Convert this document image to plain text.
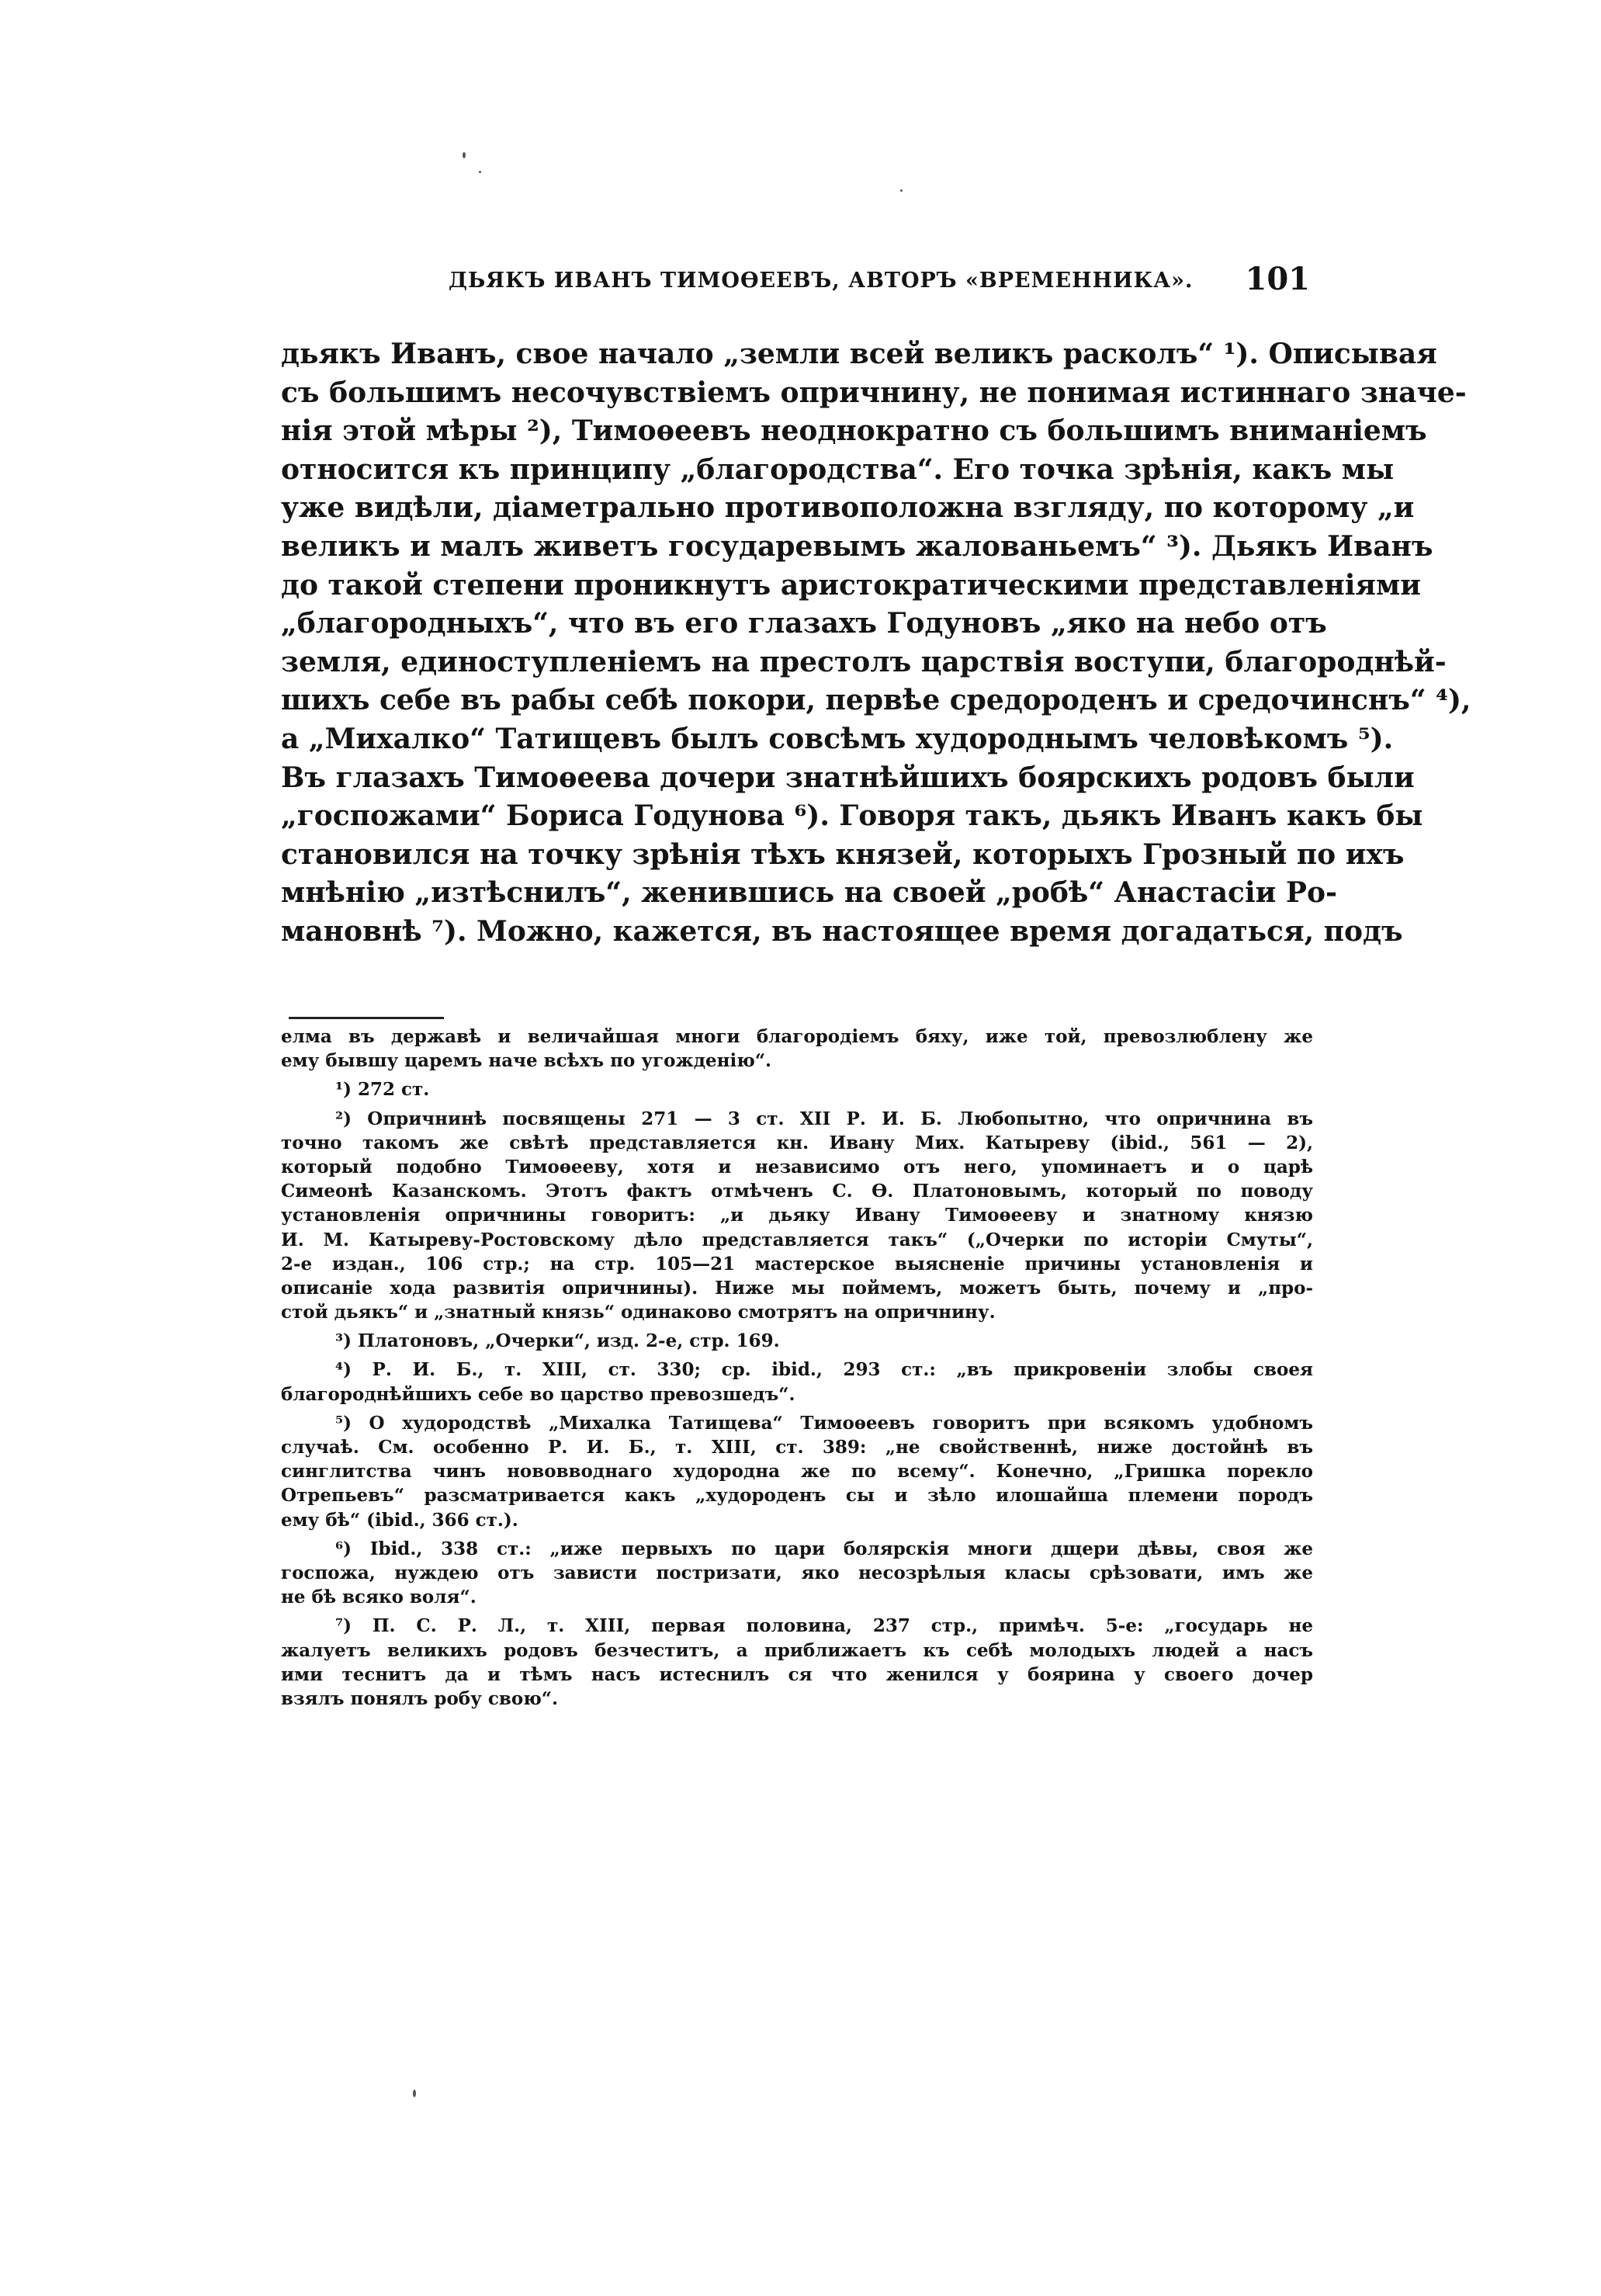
ДЬЯКЪ ИВАНЪ ТИМОѲЕЕВЪ, АВТОРЪ «ВРЕМЕННИКА». 101
дьякъ Иванъ, свое начало „земли всей великъ расколъ“ ¹). Описывая
съ большимъ несочувствіемъ опричнину, не понимая истиннаго значе-
нія этой мѣры ²), Тимоѳеевъ неоднократно съ большимъ вниманіемъ
относится къ принципу „благородства“. Его точка зрѣнія, какъ мы
уже видѣли, діаметрально противоположна взгляду, по которому „и
великъ и малъ живетъ государевымъ жалованьемъ“ ³). Дьякъ Иванъ
до такой степени проникнутъ аристократическими представленіями
„благородныхъ“, что въ его глазахъ Годуновъ „яко на небо отъ
земля, единоступленіемъ на престолъ царствія воступи, благороднѣй-
шихъ себе въ рабы себѣ покори, первѣе средороденъ и средочинснъ“ ⁴),
а „Михалко“ Татищевъ былъ совсѣмъ худороднымъ человѣкомъ ⁵).
Въ глазахъ Тимоѳеева дочери знатнѣйшихъ боярскихъ родовъ были
„госпожами“ Бориса Годунова ⁶). Говоря такъ, дьякъ Иванъ какъ бы
становился на точку зрѣнія тѣхъ князей, которыхъ Грозный по ихъ
мнѣнію „изтѣснилъ“, женившись на своей „робѣ“ Анастасіи Ро-
мановнѣ ⁷). Можно, кажется, въ настоящее время догадаться, подъ
елма въ державѣ и величайшая многи благородіемъ бяху, иже той, превозлюблену же
ему бывшу царемъ наче всѣхъ по угожденію“.
¹) 272 ст.
²) Опричнинѣ посвящены 271 — 3 ст. XII Р. И. Б. Любопытно, что опричнина въ
точно такомъ же свѣтѣ представляется кн. Ивану Мих. Катыреву (ibid., 561 — 2),
который подобно Тимоѳееву, хотя и независимо отъ него, упоминаетъ и о царѣ
Симеонѣ Казанскомъ. Этотъ фактъ отмѣченъ С. Ѳ. Платоновымъ, который по поводу
установленія опричнины говоритъ: „и дьяку Ивану Тимоѳееву и знатному князю
И. М. Катыреву-Ростовскому дѣло представляется такъ“ („Очерки по исторіи Смуты“,
2-е издан., 106 стр.; на стр. 105—21 мастерское выясненіе причины установленія и
описаніе хода развитія опричнины). Ниже мы поймемъ, можетъ быть, почему и „про-
стой дьякъ“ и „знатный князь“ одинаково смотрятъ на опричнину.
³) Платоновъ, „Очерки“, изд. 2-е, стр. 169.
⁴) Р. И. Б., т. XIII, ст. 330; ср. ibid., 293 ст.: „въ прикровеніи злобы своея
благороднѣйшихъ себе во царство превозшедъ“.
⁵) О худородствѣ „Михалка Татищева“ Тимоѳеевъ говоритъ при всякомъ удобномъ
случаѣ. См. особенно Р. И. Б., т. XIII, ст. 389: „не свойственнѣ, ниже достойнѣ въ
синглитства чинъ нововводнаго худородна же по всему“. Конечно, „Гришка порекло
Отрепьевъ“ разсматривается какъ „худороденъ сы и зѣло илошайша племени породъ
ему бѣ“ (ibid., 366 ст.).
⁶) Ibid., 338 ст.: „иже первыхъ по цари болярскія многи дщери дѣвы, своя же
госпожа, нуждею отъ зависти постризати, яко несозрѣлыя класы срѣзовати, имъ же
не бѣ всяко воля“.
⁷) П. С. Р. Л., т. XIII, первая половина, 237 стр., примѣч. 5-е: „государь не
жалуетъ великихъ родовъ безчеститъ, а приближаетъ къ себѣ молодыхъ людей а насъ
ими теснитъ да и тѣмъ насъ истеснилъ ся что женился у боярина у своего дочер
взялъ понялъ робу свою“.
